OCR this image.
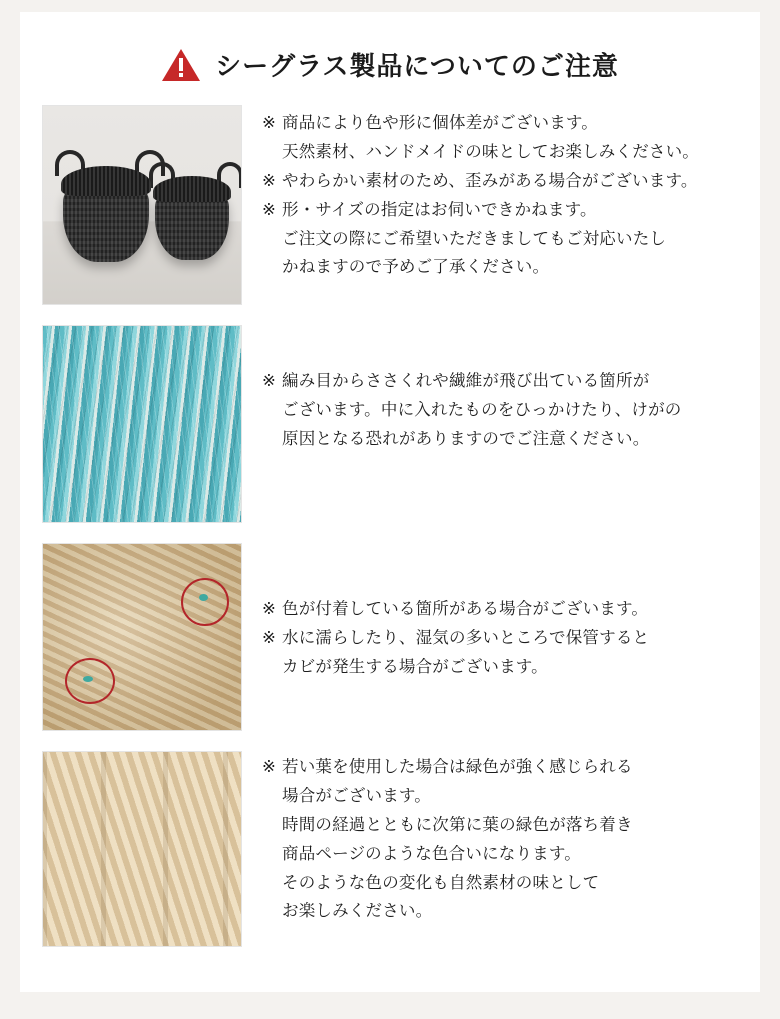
シーグラス製品についてのご注意
※ 商品により色や形に個体差がございます。
天然素材、ハンドメイドの味としてお楽しみください。
※ やわらかい素材のため、歪みがある場合がございます。
※ 形・サイズの指定はお伺いできかねます。
ご注文の際にご希望いただきましてもご対応いたし
かねますので予めご了承ください。
※ 編み目からささくれや繊維が飛び出ている箇所が
ございます。中に入れたものをひっかけたり、けがの
原因となる恐れがありますのでご注意ください。
※ 色が付着している箇所がある場合がございます。
※ 水に濡らしたり、湿気の多いところで保管すると
カビが発生する場合がございます。
※ 若い葉を使用した場合は緑色が強く感じられる
場合がございます。
時間の経過とともに次第に葉の緑色が落ち着き
商品ページのような色合いになります。
そのような色の変化も自然素材の味として
お楽しみください。
